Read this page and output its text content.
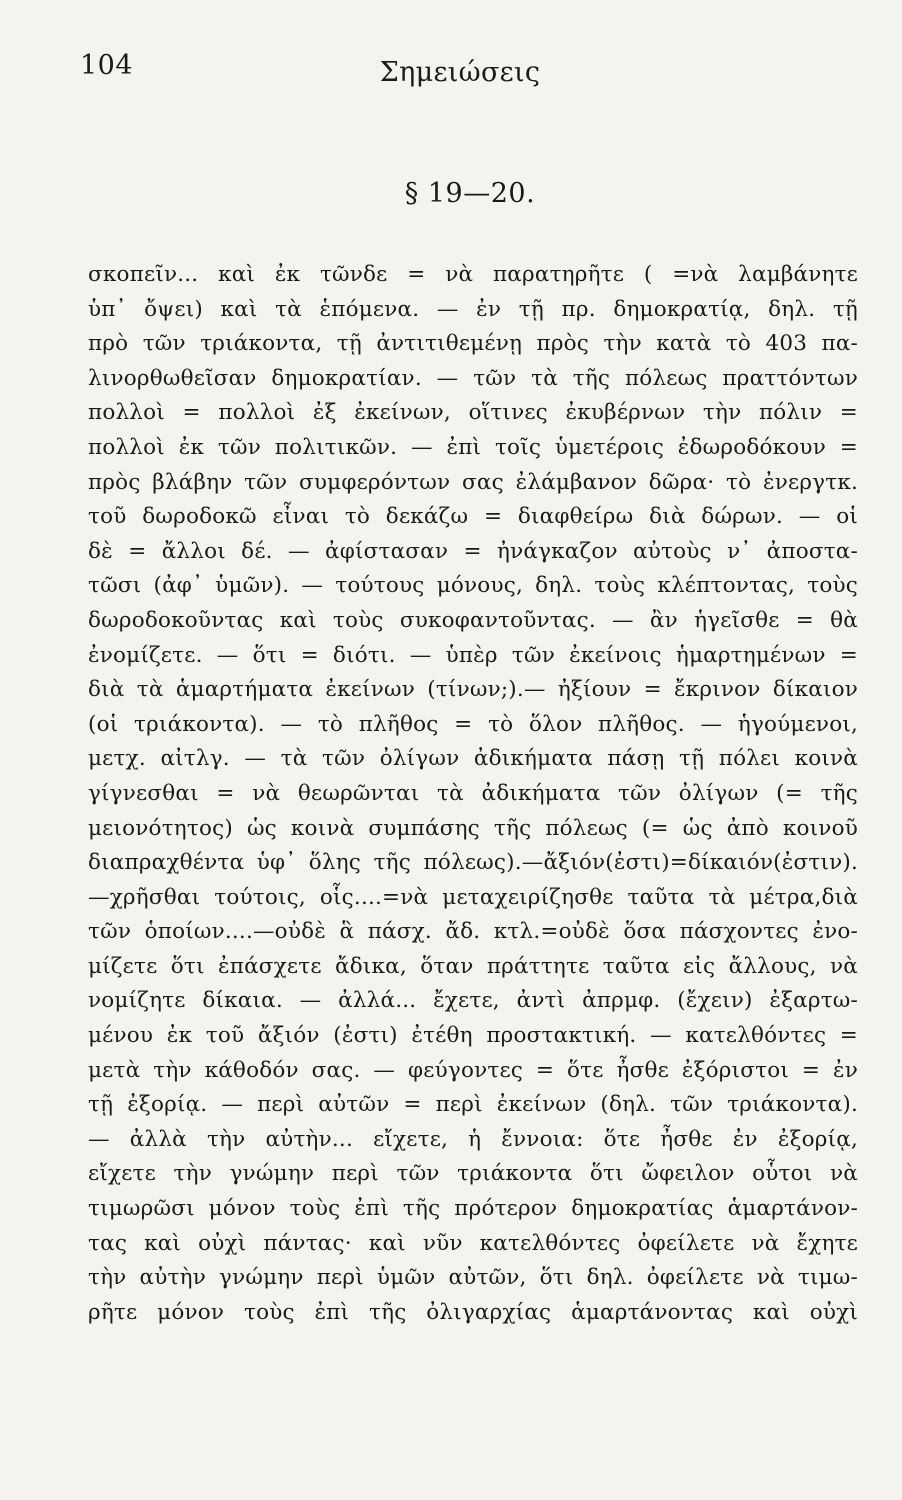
104	Σημειώσεις
§ 19—20.
σκοπεῖν... καὶ ἐκ τῶνδε = νὰ παρατηρῆτε ( =νὰ λαμβάνητε
ὑπ᾿ ὄψει) καὶ τὰ ἑπόμενα. — ἐν τῇ πρ. δημοκρατίᾳ, δηλ. τῇ
πρὸ τῶν τριάκοντα, τῇ ἀντιτιθεμένῃ πρὸς τὴν κατὰ τὸ 403 πα-
λινορθωθεῖσαν δημοκρατίαν. — τῶν τὰ τῆς πόλεως πραττόντων
πολλοὶ = πολλοὶ ἐξ ἐκείνων, οἵτινες ἐκυβέρνων τὴν πόλιν =
πολλοὶ ἐκ τῶν πολιτικῶν. — ἐπὶ τοῖς ὑμετέροις ἐδωροδόκουν =
πρὸς βλάβην τῶν συμφερόντων σας ἐλάμβανον δῶρα· τὸ ἐνεργτκ.
τοῦ δωροδοκῶ εἶναι τὸ δεκάζω = διαφθείρω διὰ δώρων. — οἱ
δὲ = ἄλλοι δέ. — ἀφίστασαν = ἠνάγκαζον αὐτοὺς ν᾿ ἀποστα-
τῶσι (ἀφ᾿ ὑμῶν). — τούτους μόνους, δηλ. τοὺς κλέπτοντας, τοὺς
δωροδοκοῦντας καὶ τοὺς συκοφαντοῦντας. — ἂν ἡγεῖσθε = θὰ
ἐνομίζετε. — ὅτι = διότι. — ὑπὲρ τῶν ἐκείνοις ἡμαρτημένων =
διὰ τὰ ἁμαρτήματα ἐκείνων (τίνων;).— ἠξίουν = ἔκρινον δίκαιον
(οἱ τριάκοντα). — τὸ πλῆθος = τὸ ὅλον πλῆθος. — ἡγούμενοι,
μετχ. αἰτλγ. — τὰ τῶν ὀλίγων ἀδικήματα πάσῃ τῇ πόλει κοινὰ
γίγνεσθαι = νὰ θεωρῶνται τὰ ἀδικήματα τῶν ὀλίγων (= τῆς
μειονότητος) ὡς κοινὰ συμπάσης τῆς πόλεως (= ὡς ἀπὸ κοινοῦ
διαπραχθέντα ὑφ᾿ ὅλης τῆς πόλεως).—ἄξιόν(ἐστι)=δίκαιόν(ἐστιν).
—χρῆσθαι τούτοις, οἷς....=νὰ μεταχειρίζησθε ταῦτα τὰ μέτρα,διὰ
τῶν ὁποίων....—οὐδὲ ἃ πάσχ. ἄδ. κτλ.=οὐδὲ ὅσα πάσχοντες ἐνο-
μίζετε ὅτι ἐπάσχετε ἄδικα, ὅταν πράττητε ταῦτα εἰς ἄλλους, νὰ
νομίζητε δίκαια. — ἀλλά... ἔχετε, ἀντὶ ἀπρμφ. (ἔχειν) ἐξαρτω-
μένου ἐκ τοῦ ἄξιόν (ἐστι) ἐτέθη προστακτική. — κατελθόντες =
μετὰ τὴν κάθοδόν σας. — φεύγοντες = ὅτε ἦσθε ἐξόριστοι = ἐν
τῇ ἐξορίᾳ. — περὶ αὐτῶν = περὶ ἐκείνων (δηλ. τῶν τριάκοντα).
— ἀλλὰ τὴν αὐτὴν... εἴχετε, ἡ ἔννοια: ὅτε ἦσθε ἐν ἐξορίᾳ,
εἴχετε τὴν γνώμην περὶ τῶν τριάκοντα ὅτι ὤφειλον οὗτοι νὰ
τιμωρῶσι μόνον τοὺς ἐπὶ τῆς πρότερον δημοκρατίας ἁμαρτάνον-
τας καὶ οὐχὶ πάντας· καὶ νῦν κατελθόντες ὀφείλετε νὰ ἔχητε
τὴν αὐτὴν γνώμην περὶ ὑμῶν αὐτῶν, ὅτι δηλ. ὀφείλετε νὰ τιμω-
ρῆτε μόνον τοὺς ἐπὶ τῆς ὀλιγαρχίας ἁμαρτάνοντας καὶ οὐχὶ
